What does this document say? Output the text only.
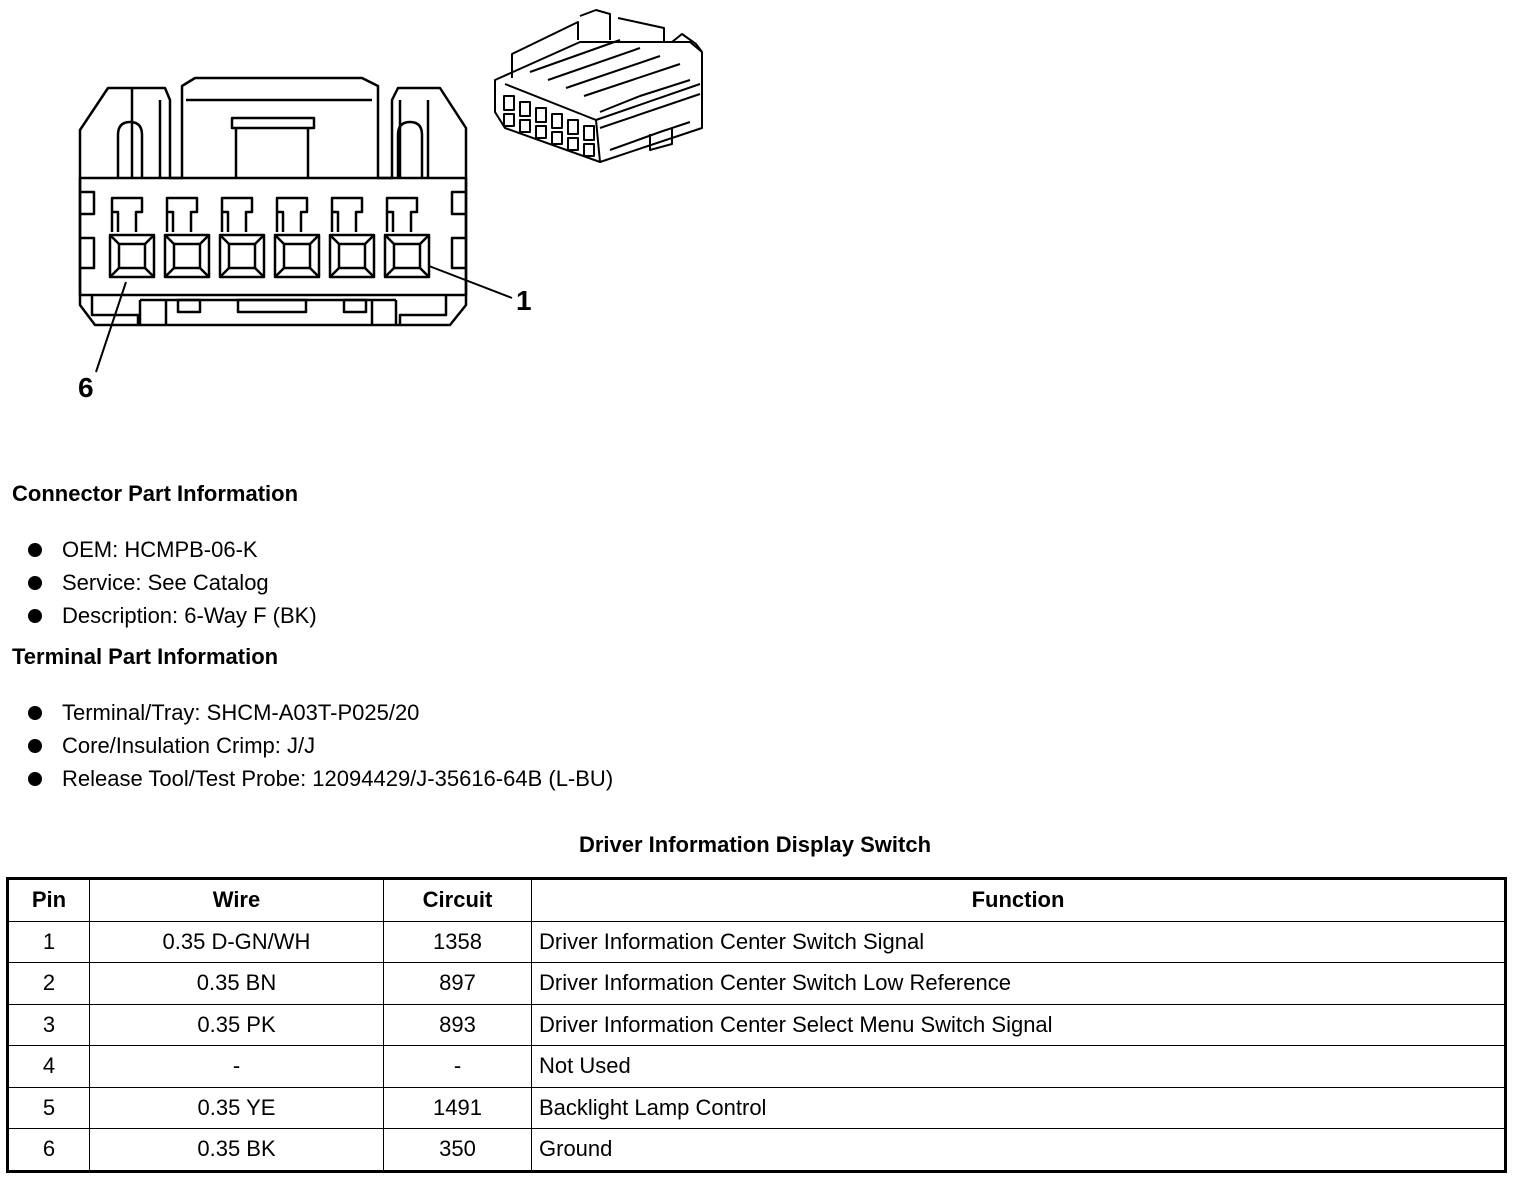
1
6
Connector Part Information
OEM: HCMPB-06-K
Service: See Catalog
Description: 6-Way F (BK)
Terminal Part Information
Terminal/Tray: SHCM-A03T-P025/20
Core/Insulation Crimp: J/J
Release Tool/Test Probe: 12094429/J-35616-64B (L-BU)
Driver Information Display Switch
Pin	Wire	Circuit	Function
1	0.35 D-GN/WH	1358	Driver Information Center Switch Signal
2	0.35 BN	897	Driver Information Center Switch Low Reference
3	0.35 PK	893	Driver Information Center Select Menu Switch Signal
4	-	-	Not Used
5	0.35 YE	1491	Backlight Lamp Control
6	0.35 BK	350	Ground
